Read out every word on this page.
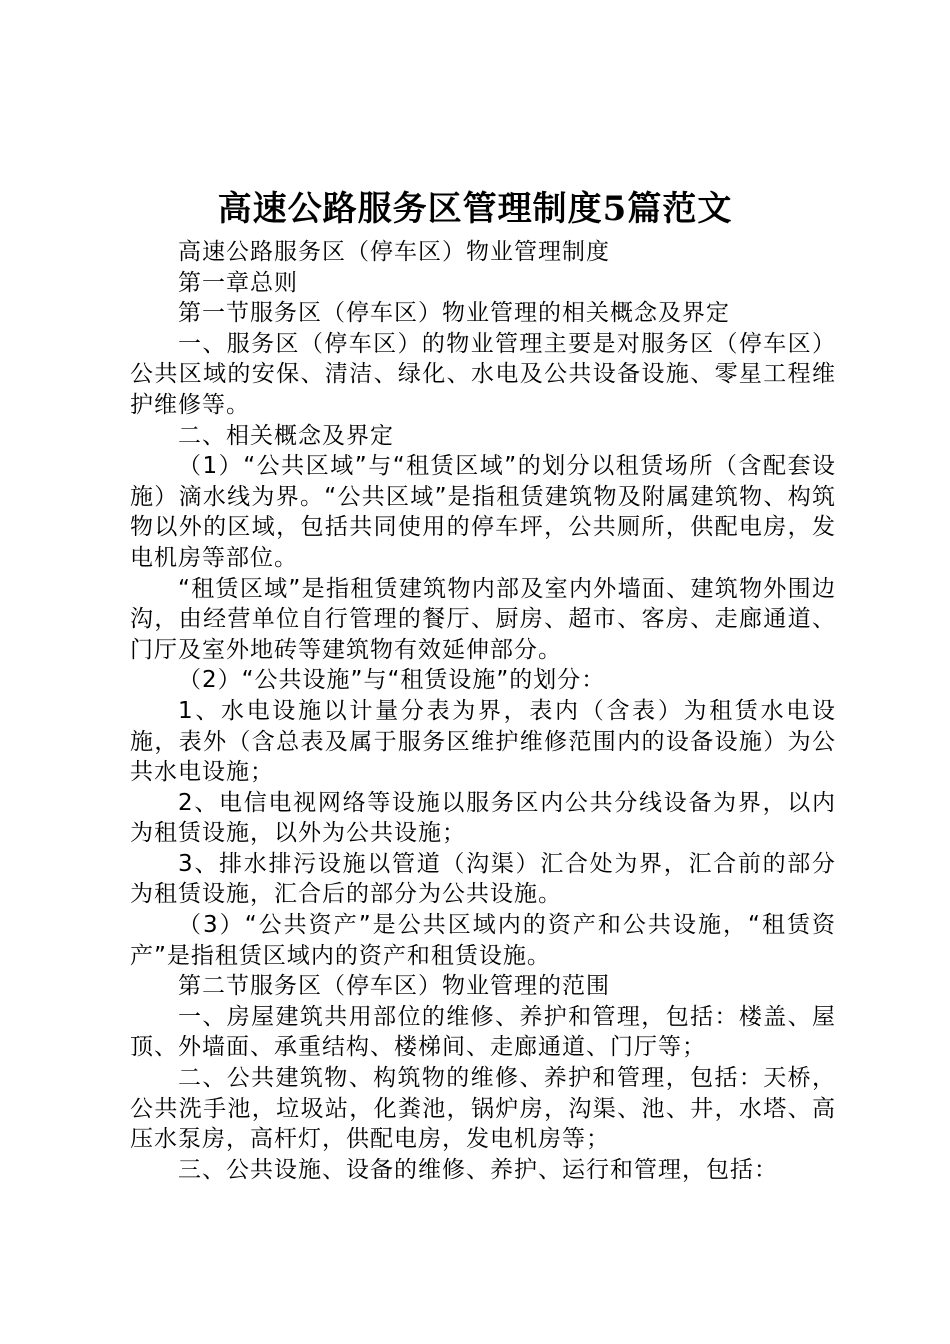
高速公路服务区管理制度5篇范文

高速公路服务区（停车区）物业管理制度

第一章总则

第一节服务区（停车区）物业管理的相关概念及界定

一、服务区（停车区）的物业管理主要是对服务区（停车区）公共区域的安保、清洁、绿化、水电及公共设备设施、零星工程维护维修等。

二、相关概念及界定

（1）“公共区域”与“租赁区域”的划分以租赁场所（含配套设施）滴水线为界。“公共区域”是指租赁建筑物及附属建筑物、构筑物以外的区域，包括共同使用的停车坪，公共厕所，供配电房，发电机房等部位。

“租赁区域”是指租赁建筑物内部及室内外墙面、建筑物外围边沟，由经营单位自行管理的餐厅、厨房、超市、客房、走廊通道、门厅及室外地砖等建筑物有效延伸部分。

（2）“公共设施”与“租赁设施”的划分：

1、水电设施以计量分表为界，表内（含表）为租赁水电设施，表外（含总表及属于服务区维护维修范围内的设备设施）为公共水电设施；

2、电信电视网络等设施以服务区内公共分线设备为界，以内为租赁设施，以外为公共设施；

3、排水排污设施以管道（沟渠）汇合处为界，汇合前的部分为租赁设施，汇合后的部分为公共设施。

（3）“公共资产”是公共区域内的资产和公共设施，“租赁资产”是指租赁区域内的资产和租赁设施。

第二节服务区（停车区）物业管理的范围

一、房屋建筑共用部位的维修、养护和管理，包括：楼盖、屋顶、外墙面、承重结构、楼梯间、走廊通道、门厅等；

二、公共建筑物、构筑物的维修、养护和管理，包括：天桥，公共洗手池，垃圾站，化粪池，锅炉房，沟渠、池、井，水塔、高压水泵房，高杆灯，供配电房，发电机房等；

三、公共设施、设备的维修、养护、运行和管理，包括：
